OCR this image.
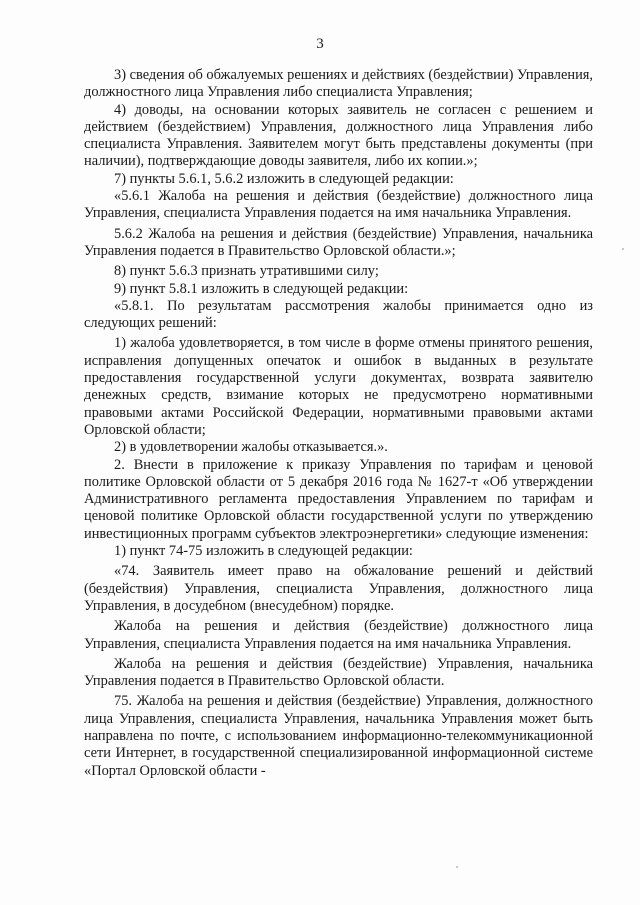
3

3) сведения об обжалуемых решениях и действиях (бездействии) Управления, должностного лица Управления либо специалиста Управления;

4) доводы, на основании которых заявитель не согласен с решением и действием (бездействием) Управления, должностного лица Управления либо специалиста Управления. Заявителем могут быть представлены документы (при наличии), подтверждающие доводы заявителя, либо их копии.»;

7) пункты 5.6.1, 5.6.2 изложить в следующей редакции:

«5.6.1 Жалоба на решения и действия (бездействие) должностного лица Управления, специалиста Управления подается на имя начальника Управления.

5.6.2 Жалоба на решения и действия (бездействие) Управления, начальника Управления подается в Правительство Орловской области.»;

8) пункт 5.6.3 признать утратившими силу;

9) пункт 5.8.1 изложить в следующей редакции:

«5.8.1. По результатам рассмотрения жалобы принимается одно из следующих решений:

1) жалоба удовлетворяется, в том числе в форме отмены принятого решения, исправления допущенных опечаток и ошибок в выданных в результате предоставления государственной услуги документах, возврата заявителю денежных средств, взимание которых не предусмотрено нормативными правовыми актами Российской Федерации, нормативными правовыми актами Орловской области;

2) в удовлетворении жалобы отказывается.».

2. Внести в приложение к приказу Управления по тарифам и ценовой политике Орловской области от 5 декабря 2016 года № 1627-т «Об утверждении Административного регламента предоставления Управлением по тарифам и ценовой политике Орловской области государственной услуги по утверждению инвестиционных программ субъектов электроэнергетики» следующие изменения:

1) пункт 74-75 изложить в следующей редакции:

«74. Заявитель имеет право на обжалование решений и действий (бездействия) Управления, специалиста Управления, должностного лица Управления, в досудебном (внесудебном) порядке.

Жалоба на решения и действия (бездействие) должностного лица Управления, специалиста Управления подается на имя начальника Управления.

Жалоба на решения и действия (бездействие) Управления, начальника Управления подается в Правительство Орловской области.

75. Жалоба на решения и действия (бездействие) Управления, должностного лица Управления, специалиста Управления, начальника Управления может быть направлена по почте, с использованием информационно-телекоммуникационной сети Интернет, в государственной специализированной информационной системе «Портал Орловской области -
